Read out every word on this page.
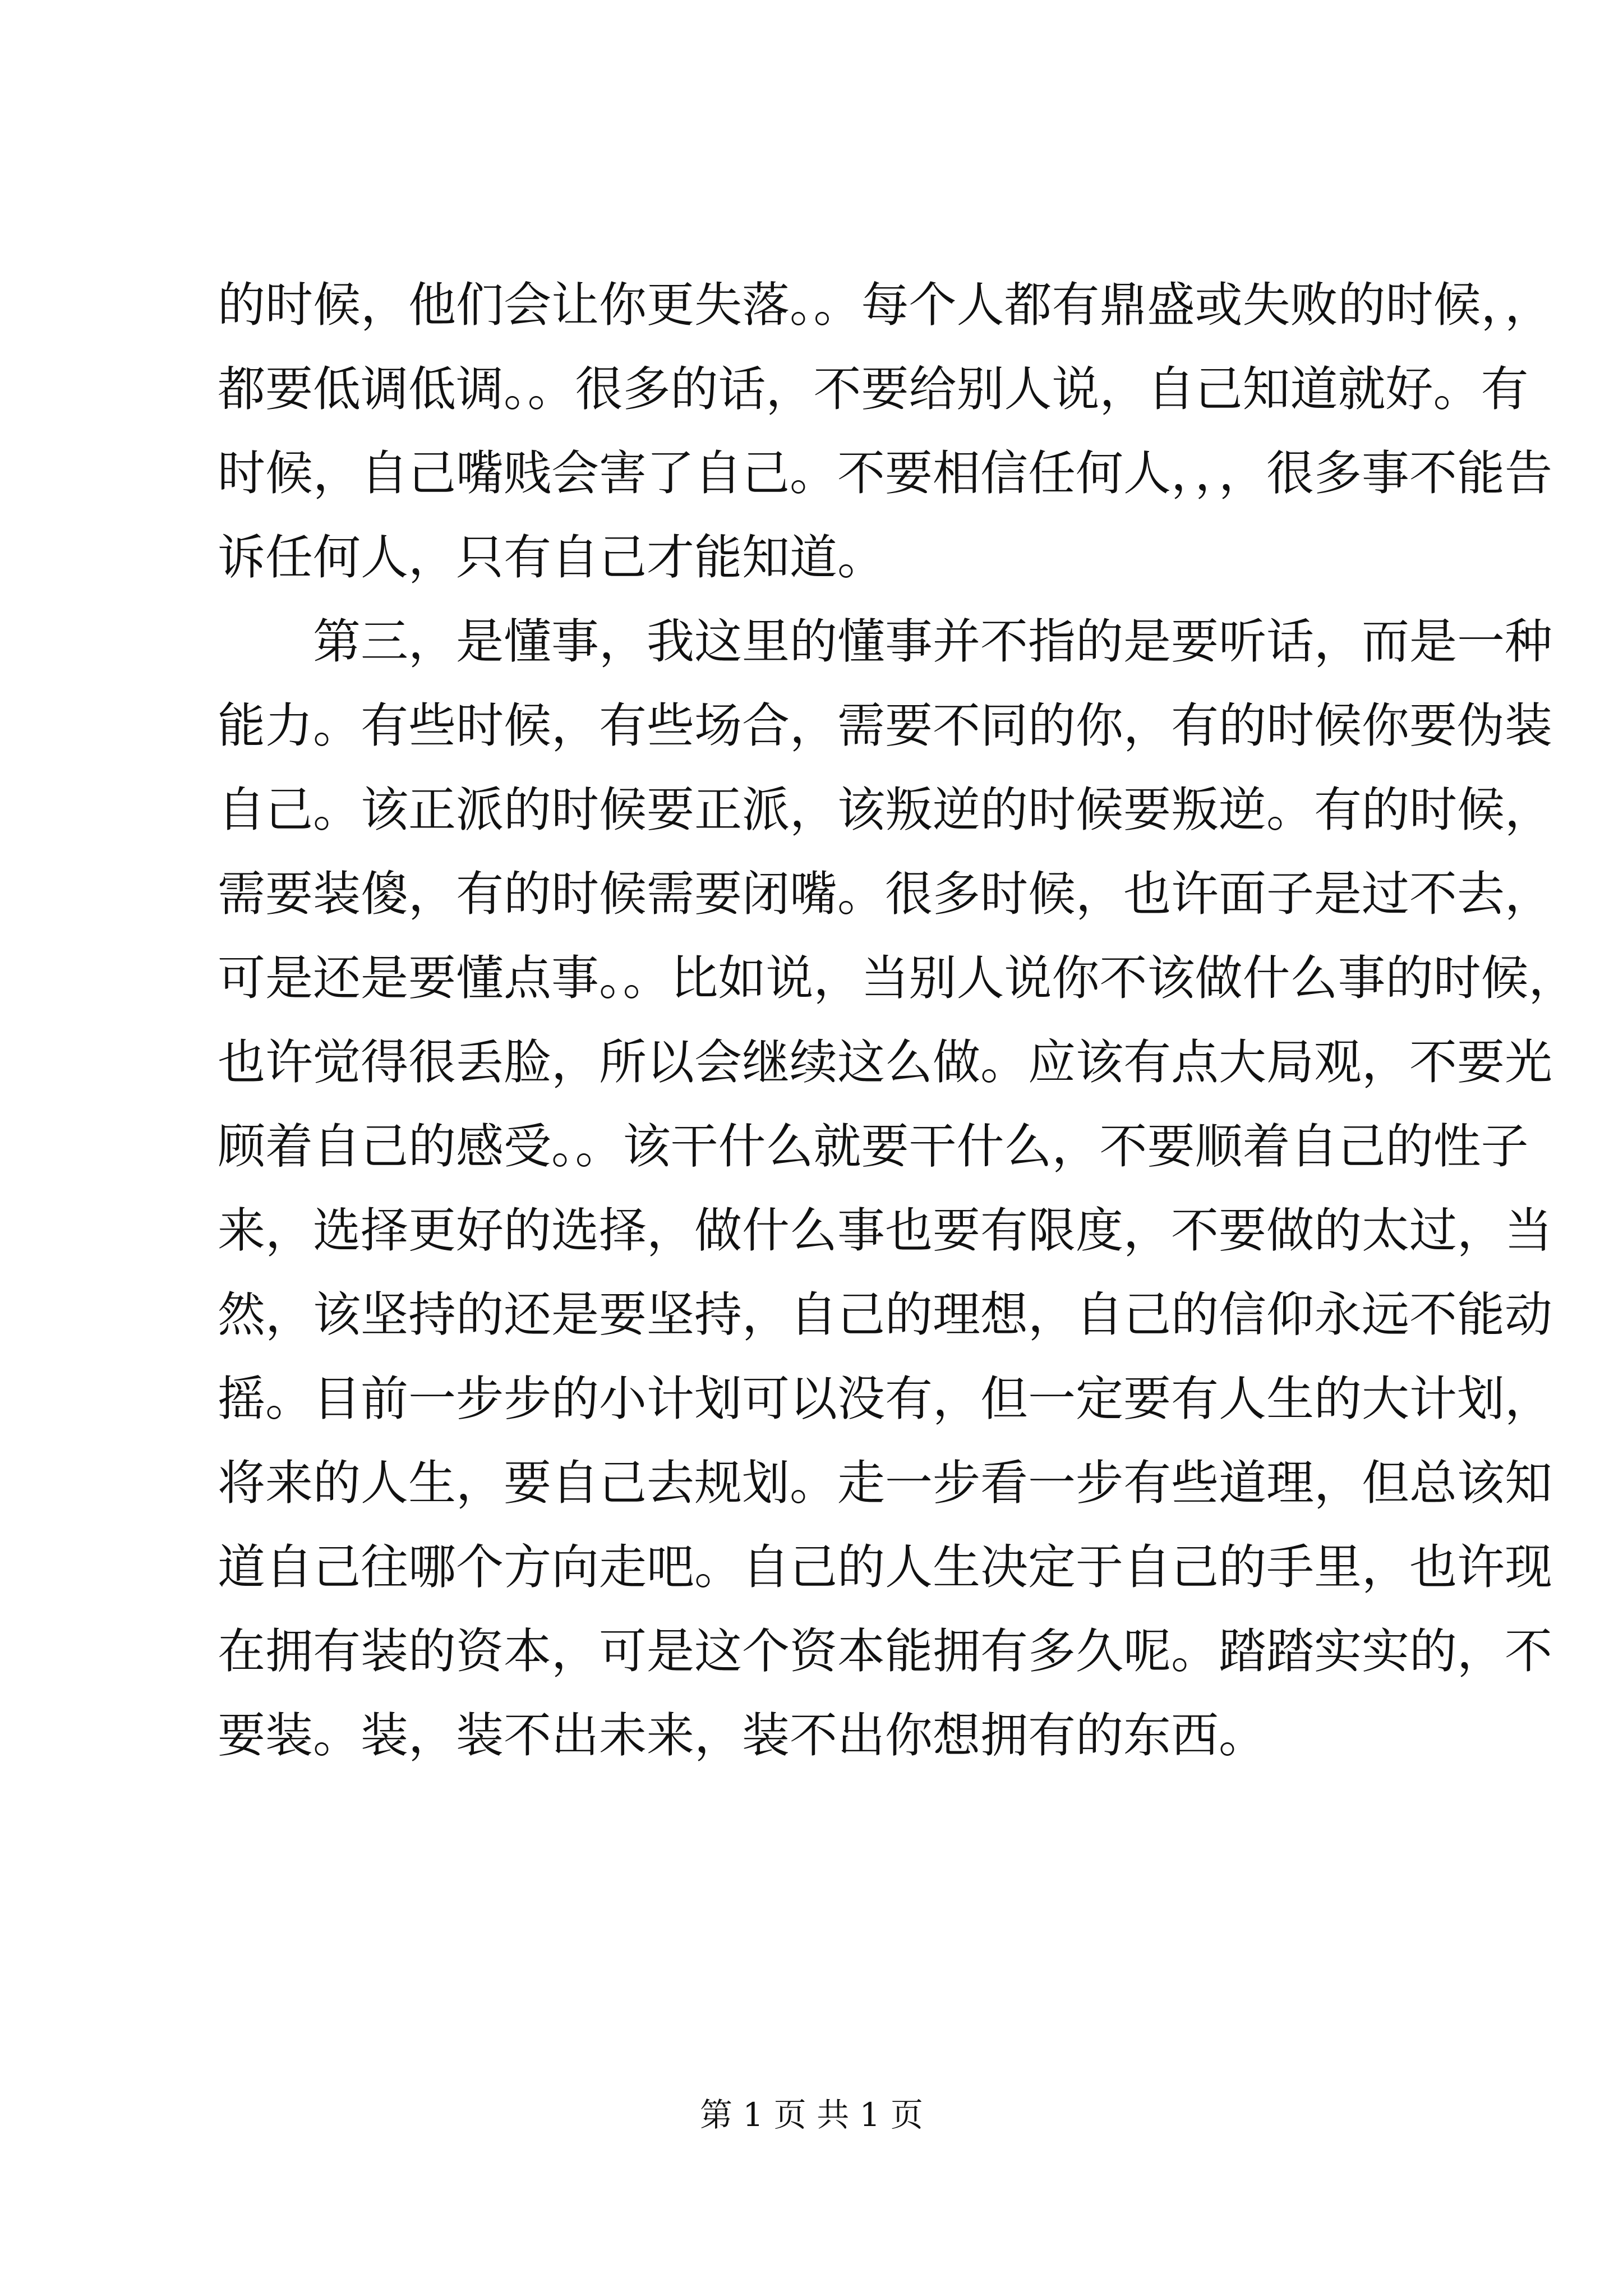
的时候，他们会让你更失落。。每个人都有鼎盛或失败的时候，，
都要低调低调。。很多的话，不要给别人说，自己知道就好。有
时候，自己嘴贱会害了自己。不要相信任何人，，，很多事不能告
诉任何人，只有自己才能知道。
　　第三，是懂事，我这里的懂事并不指的是要听话，而是一种
能力。有些时候，有些场合，需要不同的你，有的时候你要伪装
自己。该正派的时候要正派，该叛逆的时候要叛逆。有的时候，
需要装傻，有的时候需要闭嘴。很多时候，也许面子是过不去，
可是还是要懂点事。。比如说，当别人说你不该做什么事的时候，
也许觉得很丢脸，所以会继续这么做。应该有点大局观，不要光
顾着自己的感受。。该干什么就要干什么，不要顺着自己的性子
来，选择更好的选择，做什么事也要有限度，不要做的太过，当
然，该坚持的还是要坚持，自己的理想，自己的信仰永远不能动
摇。目前一步步的小计划可以没有，但一定要有人生的大计划，
将来的人生，要自己去规划。走一步看一步有些道理，但总该知
道自己往哪个方向走吧。自己的人生决定于自己的手里，也许现
在拥有装的资本，可是这个资本能拥有多久呢。踏踏实实的，不
要装。装，装不出未来，装不出你想拥有的东西。
第 1 页 共 1 页
